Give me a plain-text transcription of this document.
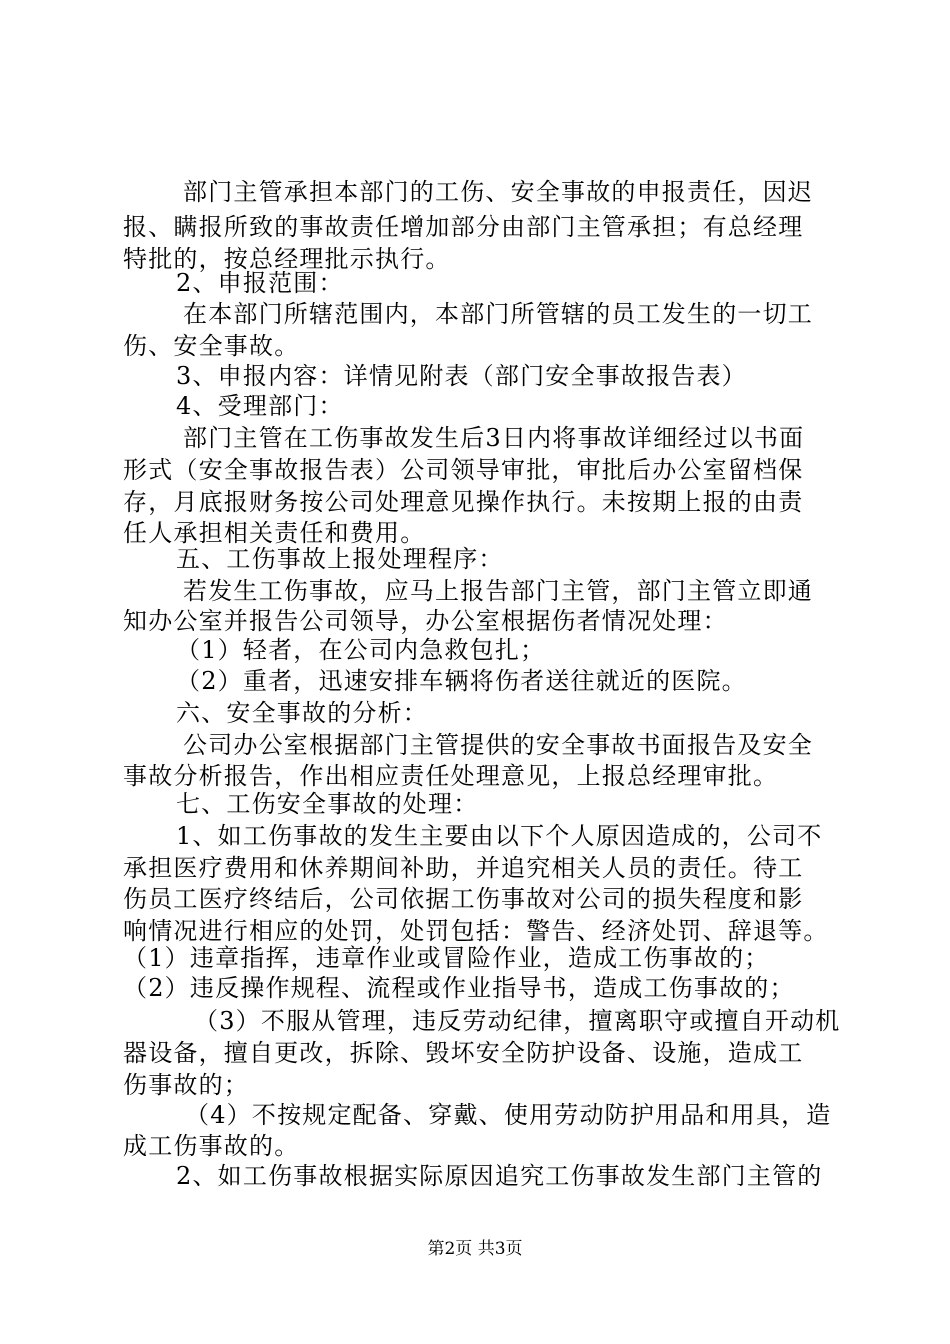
部门主管承担本部门的工伤、安全事故的申报责任，因迟
报、瞒报所致的事故责任增加部分由部门主管承担；有总经理
特批的，按总经理批示执行。
2、申报范围：
在本部门所辖范围内，本部门所管辖的员工发生的一切工
伤、安全事故。
3、申报内容：详情见附表（部门安全事故报告表）
4、受理部门：
部门主管在工伤事故发生后3日内将事故详细经过以书面
形式（安全事故报告表）公司领导审批，审批后办公室留档保
存，月底报财务按公司处理意见操作执行。未按期上报的由责
任人承担相关责任和费用。
五、工伤事故上报处理程序：
若发生工伤事故，应马上报告部门主管，部门主管立即通
知办公室并报告公司领导，办公室根据伤者情况处理：
（1）轻者，在公司内急救包扎；
（2）重者，迅速安排车辆将伤者送往就近的医院。
六、安全事故的分析：
公司办公室根据部门主管提供的安全事故书面报告及安全
事故分析报告，作出相应责任处理意见，上报总经理审批。
七、工伤安全事故的处理：
1、如工伤事故的发生主要由以下个人原因造成的，公司不
承担医疗费用和休养期间补助，并追究相关人员的责任。待工
伤员工医疗终结后，公司依据工伤事故对公司的损失程度和影
响情况进行相应的处罚，处罚包括：警告、经济处罚、辞退等。
（1）违章指挥，违章作业或冒险作业，造成工伤事故的；
（2）违反操作规程、流程或作业指导书，造成工伤事故的；
（3）不服从管理，违反劳动纪律，擅离职守或擅自开动机
器设备，擅自更改，拆除、毁坏安全防护设备、设施，造成工
伤事故的；
（4）不按规定配备、穿戴、使用劳动防护用品和用具，造
成工伤事故的。
2、如工伤事故根据实际原因追究工伤事故发生部门主管的
第2页 共3页
